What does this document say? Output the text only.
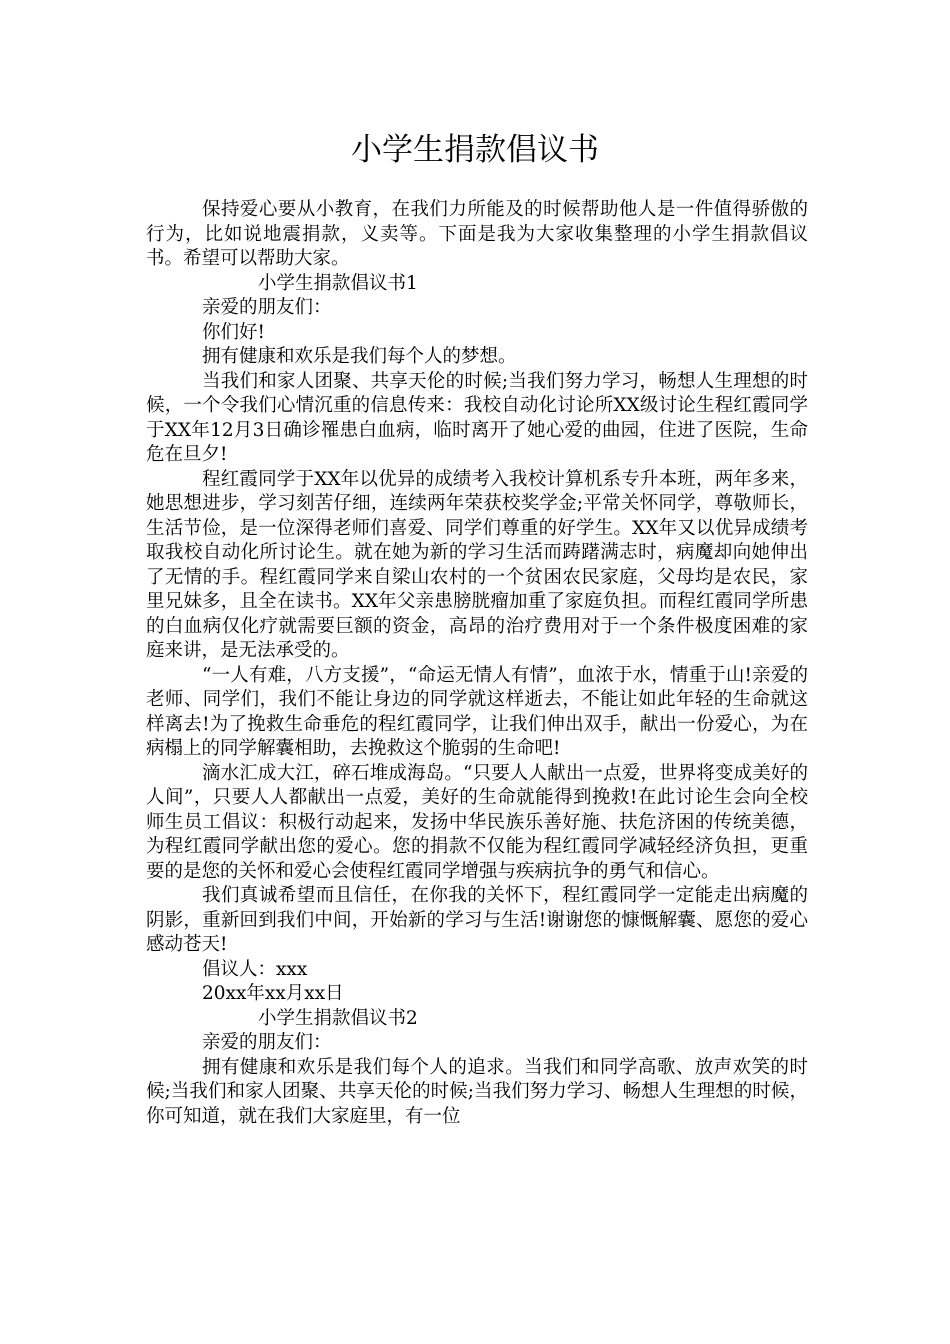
小学生捐款倡议书

保持爱心要从小教育，在我们力所能及的时候帮助他人是一件值得骄傲的行为，比如说地震捐款，义卖等。下面是我为大家收集整理的小学生捐款倡议书。希望可以帮助大家。

小学生捐款倡议书1

亲爱的朋友们：

你们好!

拥有健康和欢乐是我们每个人的梦想。

当我们和家人团聚、共享天伦的时候;当我们努力学习，畅想人生理想的时候，一个令我们心情沉重的信息传来：我校自动化讨论所XX级讨论生程红霞同学于XX年12月3日确诊罹患白血病，临时离开了她心爱的曲园，住进了医院，生命危在旦夕!

程红霞同学于XX年以优异的成绩考入我校计算机系专升本班，两年多来，她思想进步，学习刻苦仔细，连续两年荣获校奖学金;平常关怀同学，尊敬师长，生活节俭，是一位深得老师们喜爱、同学们尊重的好学生。XX年又以优异成绩考取我校自动化所讨论生。就在她为新的学习生活而踌躇满志时，病魔却向她伸出了无情的手。程红霞同学来自梁山农村的一个贫困农民家庭，父母均是农民，家里兄妹多，且全在读书。XX年父亲患膀胱瘤加重了家庭负担。而程红霞同学所患的白血病仅化疗就需要巨额的资金，高昂的治疗费用对于一个条件极度困难的家庭来讲，是无法承受的。

“一人有难，八方支援”，“命运无情人有情”，血浓于水，情重于山!亲爱的老师、同学们，我们不能让身边的同学就这样逝去，不能让如此年轻的生命就这样离去!为了挽救生命垂危的程红霞同学，让我们伸出双手，献出一份爱心，为在病榻上的同学解囊相助，去挽救这个脆弱的生命吧!

滴水汇成大江，碎石堆成海岛。“只要人人献出一点爱，世界将变成美好的人间”，只要人人都献出一点爱，美好的生命就能得到挽救!在此讨论生会向全校师生员工倡议：积极行动起来，发扬中华民族乐善好施、扶危济困的传统美德，为程红霞同学献出您的爱心。您的捐款不仅能为程红霞同学减轻经济负担，更重要的是您的关怀和爱心会使程红霞同学增强与疾病抗争的勇气和信心。

我们真诚希望而且信任，在你我的关怀下，程红霞同学一定能走出病魔的阴影，重新回到我们中间，开始新的学习与生活!谢谢您的慷慨解囊、愿您的爱心感动苍天!

倡议人：xxx

20xx年xx月xx日

小学生捐款倡议书2

亲爱的朋友们：

拥有健康和欢乐是我们每个人的追求。当我们和同学高歌、放声欢笑的时候;当我们和家人团聚、共享天伦的时候;当我们努力学习、畅想人生理想的时候，你可知道，就在我们大家庭里，有一位
